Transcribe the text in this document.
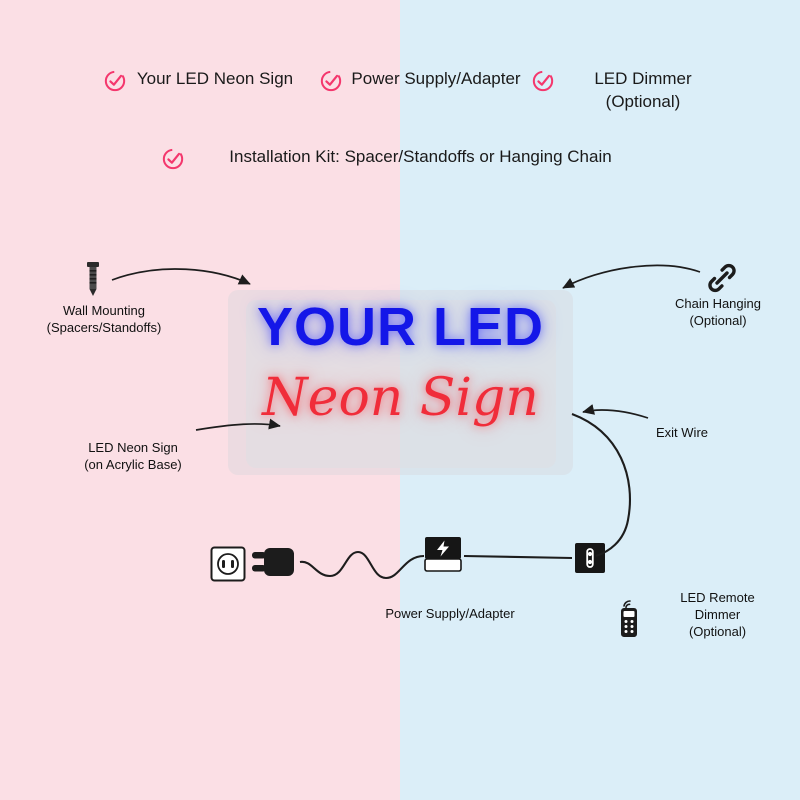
Your LED Neon Sign	Power Supply/Adapter	LED Dimmer (Optional)
Installation Kit: Spacer/Standoffs or Hanging Chain
YOUR LED
Neon Sign
Wall Mounting
(Spacers/Standoffs)
Chain Hanging
(Optional)
LED Neon Sign
(on Acrylic Base)
Exit Wire
Power Supply/Adapter
LED Remote
Dimmer
(Optional)
